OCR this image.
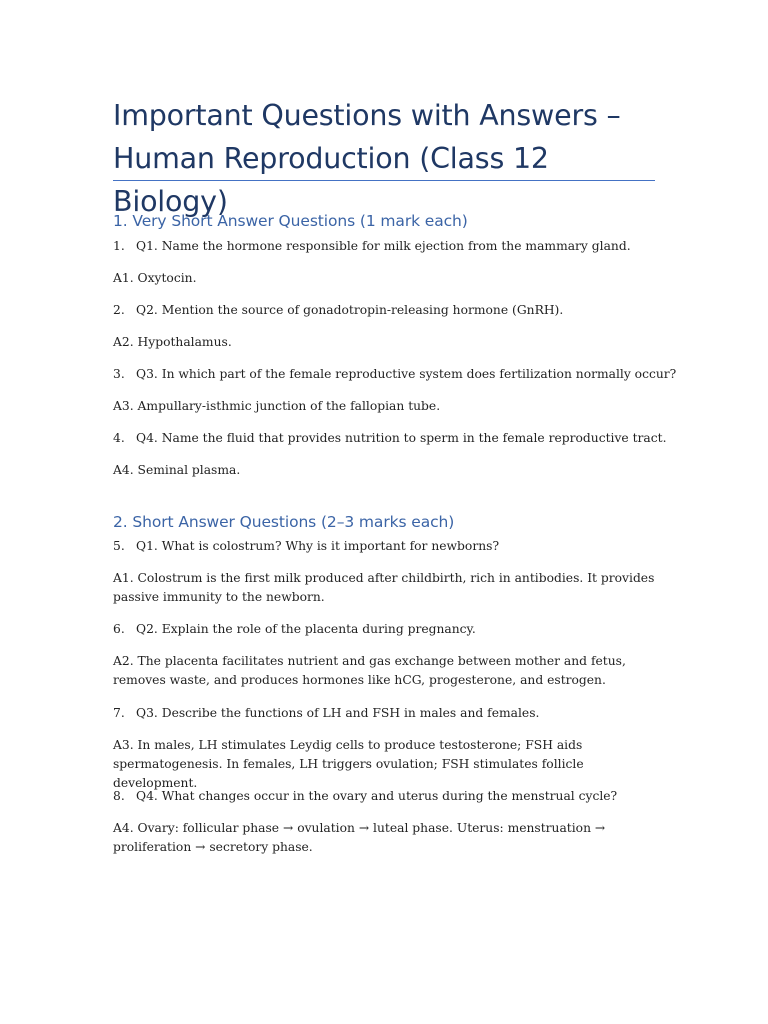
Important Questions with Answers – Human Reproduction (Class 12 Biology)
1. Very Short Answer Questions (1 mark each)
1. Q1. Name the hormone responsible for milk ejection from the mammary gland.
A1. Oxytocin.
2. Q2. Mention the source of gonadotropin-releasing hormone (GnRH).
A2. Hypothalamus.
3. Q3. In which part of the female reproductive system does fertilization normally occur?
A3. Ampullary-isthmic junction of the fallopian tube.
4. Q4. Name the fluid that provides nutrition to sperm in the female reproductive tract.
A4. Seminal plasma.
2. Short Answer Questions (2–3 marks each)
5. Q1. What is colostrum? Why is it important for newborns?
A1. Colostrum is the first milk produced after childbirth, rich in antibodies. It provides passive immunity to the newborn.
6. Q2. Explain the role of the placenta during pregnancy.
A2. The placenta facilitates nutrient and gas exchange between mother and fetus, removes waste, and produces hormones like hCG, progesterone, and estrogen.
7. Q3. Describe the functions of LH and FSH in males and females.
A3. In males, LH stimulates Leydig cells to produce testosterone; FSH aids spermatogenesis. In females, LH triggers ovulation; FSH stimulates follicle development.
8. Q4. What changes occur in the ovary and uterus during the menstrual cycle?
A4. Ovary: follicular phase → ovulation → luteal phase. Uterus: menstruation → proliferation → secretory phase.
